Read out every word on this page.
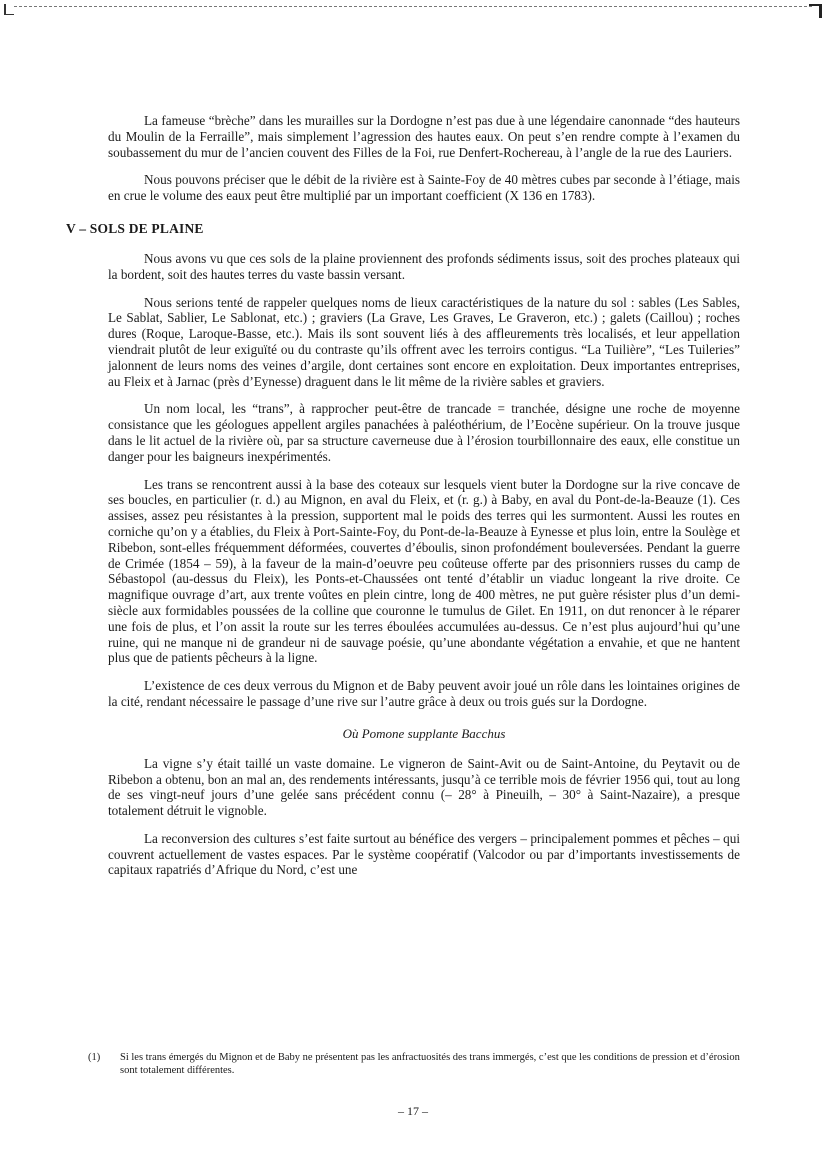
La fameuse “brèche” dans les murailles sur la Dordogne n’est pas due à une légendaire canonnade “des hauteurs du Moulin de la Ferraille”, mais simplement l’agression des hautes eaux. On peut s’en rendre compte à l’examen du soubassement du mur de l’ancien couvent des Filles de la Foi, rue Denfert-Rochereau, à l’angle de la rue des Lauriers.

Nous pouvons préciser que le débit de la rivière est à Sainte-Foy de 40 mètres cubes par seconde à l’étiage, mais en crue le volume des eaux peut être multiplié par un important coefficient (X 136 en 1783).

V – SOLS DE PLAINE

Nous avons vu que ces sols de la plaine proviennent des profonds sédiments issus, soit des proches plateaux qui la bordent, soit des hautes terres du vaste bassin versant.

Nous serions tenté de rappeler quelques noms de lieux caractéristiques de la nature du sol : sables (Les Sables, Le Sablat, Sablier, Le Sablonat, etc.) ; graviers (La Grave, Les Graves, Le Graveron, etc.) ; galets (Caillou) ; roches dures (Roque, Laroque-Basse, etc.). Mais ils sont souvent liés à des affleurements très localisés, et leur appellation viendrait plutôt de leur exiguïté ou du contraste qu’ils offrent avec les terroirs contigus. “La Tuilière”, “Les Tuileries” jalonnent de leurs noms des veines d’argile, dont certaines sont encore en exploitation. Deux importantes entreprises, au Fleix et à Jarnac (près d’Eynesse) draguent dans le lit même de la rivière sables et graviers.

Un nom local, les “trans”, à rapprocher peut-être de trancade = tranchée, désigne une roche de moyenne consistance que les géologues appellent argiles panachées à paléothérium, de l’Eocène supérieur. On la trouve jusque dans le lit actuel de la rivière où, par sa structure caverneuse due à l’érosion tourbillonnaire des eaux, elle constitue un danger pour les baigneurs inexpérimentés.

Les trans se rencontrent aussi à la base des coteaux sur lesquels vient buter la Dordogne sur la rive concave de ses boucles, en particulier (r. d.) au Mignon, en aval du Fleix, et (r. g.) à Baby, en aval du Pont-de-la-Beauze (1). Ces assises, assez peu résistantes à la pression, supportent mal le poids des terres qui les surmontent. Aussi les routes en corniche qu’on y a établies, du Fleix à Port-Sainte-Foy, du Pont-de-la-Beauze à Eynesse et plus loin, entre la Soulège et Ribebon, sont-elles fréquemment déformées, couvertes d’éboulis, sinon profondément bouleversées. Pendant la guerre de Crimée (1854 – 59), à la faveur de la main-d’oeuvre peu coûteuse offerte par des prisonniers russes du camp de Sébastopol (au-dessus du Fleix), les Ponts-et-Chaussées ont tenté d’établir un viaduc longeant la rive droite. Ce magnifique ouvrage d’art, aux trente voûtes en plein cintre, long de 400 mètres, ne put guère résister plus d’un demi-siècle aux formidables poussées de la colline que couronne le tumulus de Gilet. En 1911, on dut renoncer à le réparer une fois de plus, et l’on assit la route sur les terres éboulées accumulées au-dessus. Ce n’est plus aujourd’hui qu’une ruine, qui ne manque ni de grandeur ni de sauvage poésie, qu’une abondante végétation a envahie, et que ne hantent plus que de patients pêcheurs à la ligne.

L’existence de ces deux verrous du Mignon et de Baby peuvent avoir joué un rôle dans les lointaines origines de la cité, rendant nécessaire le passage d’une rive sur l’autre grâce à deux ou trois gués sur la Dordogne.

Où Pomone supplante Bacchus

La vigne s’y était taillé un vaste domaine. Le vigneron de Saint-Avit ou de Saint-Antoine, du Peytavit ou de Ribebon a obtenu, bon an mal an, des rendements intéressants, jusqu’à ce terrible mois de février 1956 qui, tout au long de ses vingt-neuf jours d’une gelée sans précédent connu (– 28° à Pineuilh, – 30° à Saint-Nazaire), a presque totalement détruit le vignoble.

La reconversion des cultures s’est faite surtout au bénéfice des vergers – principalement pommes et pêches – qui couvrent actuellement de vastes espaces. Par le système coopératif (Valcodor ou par d’importants investissements de capitaux rapatriés d’Afrique du Nord, c’est une

(1)	Si les trans émergés du Mignon et de Baby ne présentent pas les anfractuosités des trans immergés, c’est que les conditions de pression et d’érosion sont totalement différentes.
– 17 –
